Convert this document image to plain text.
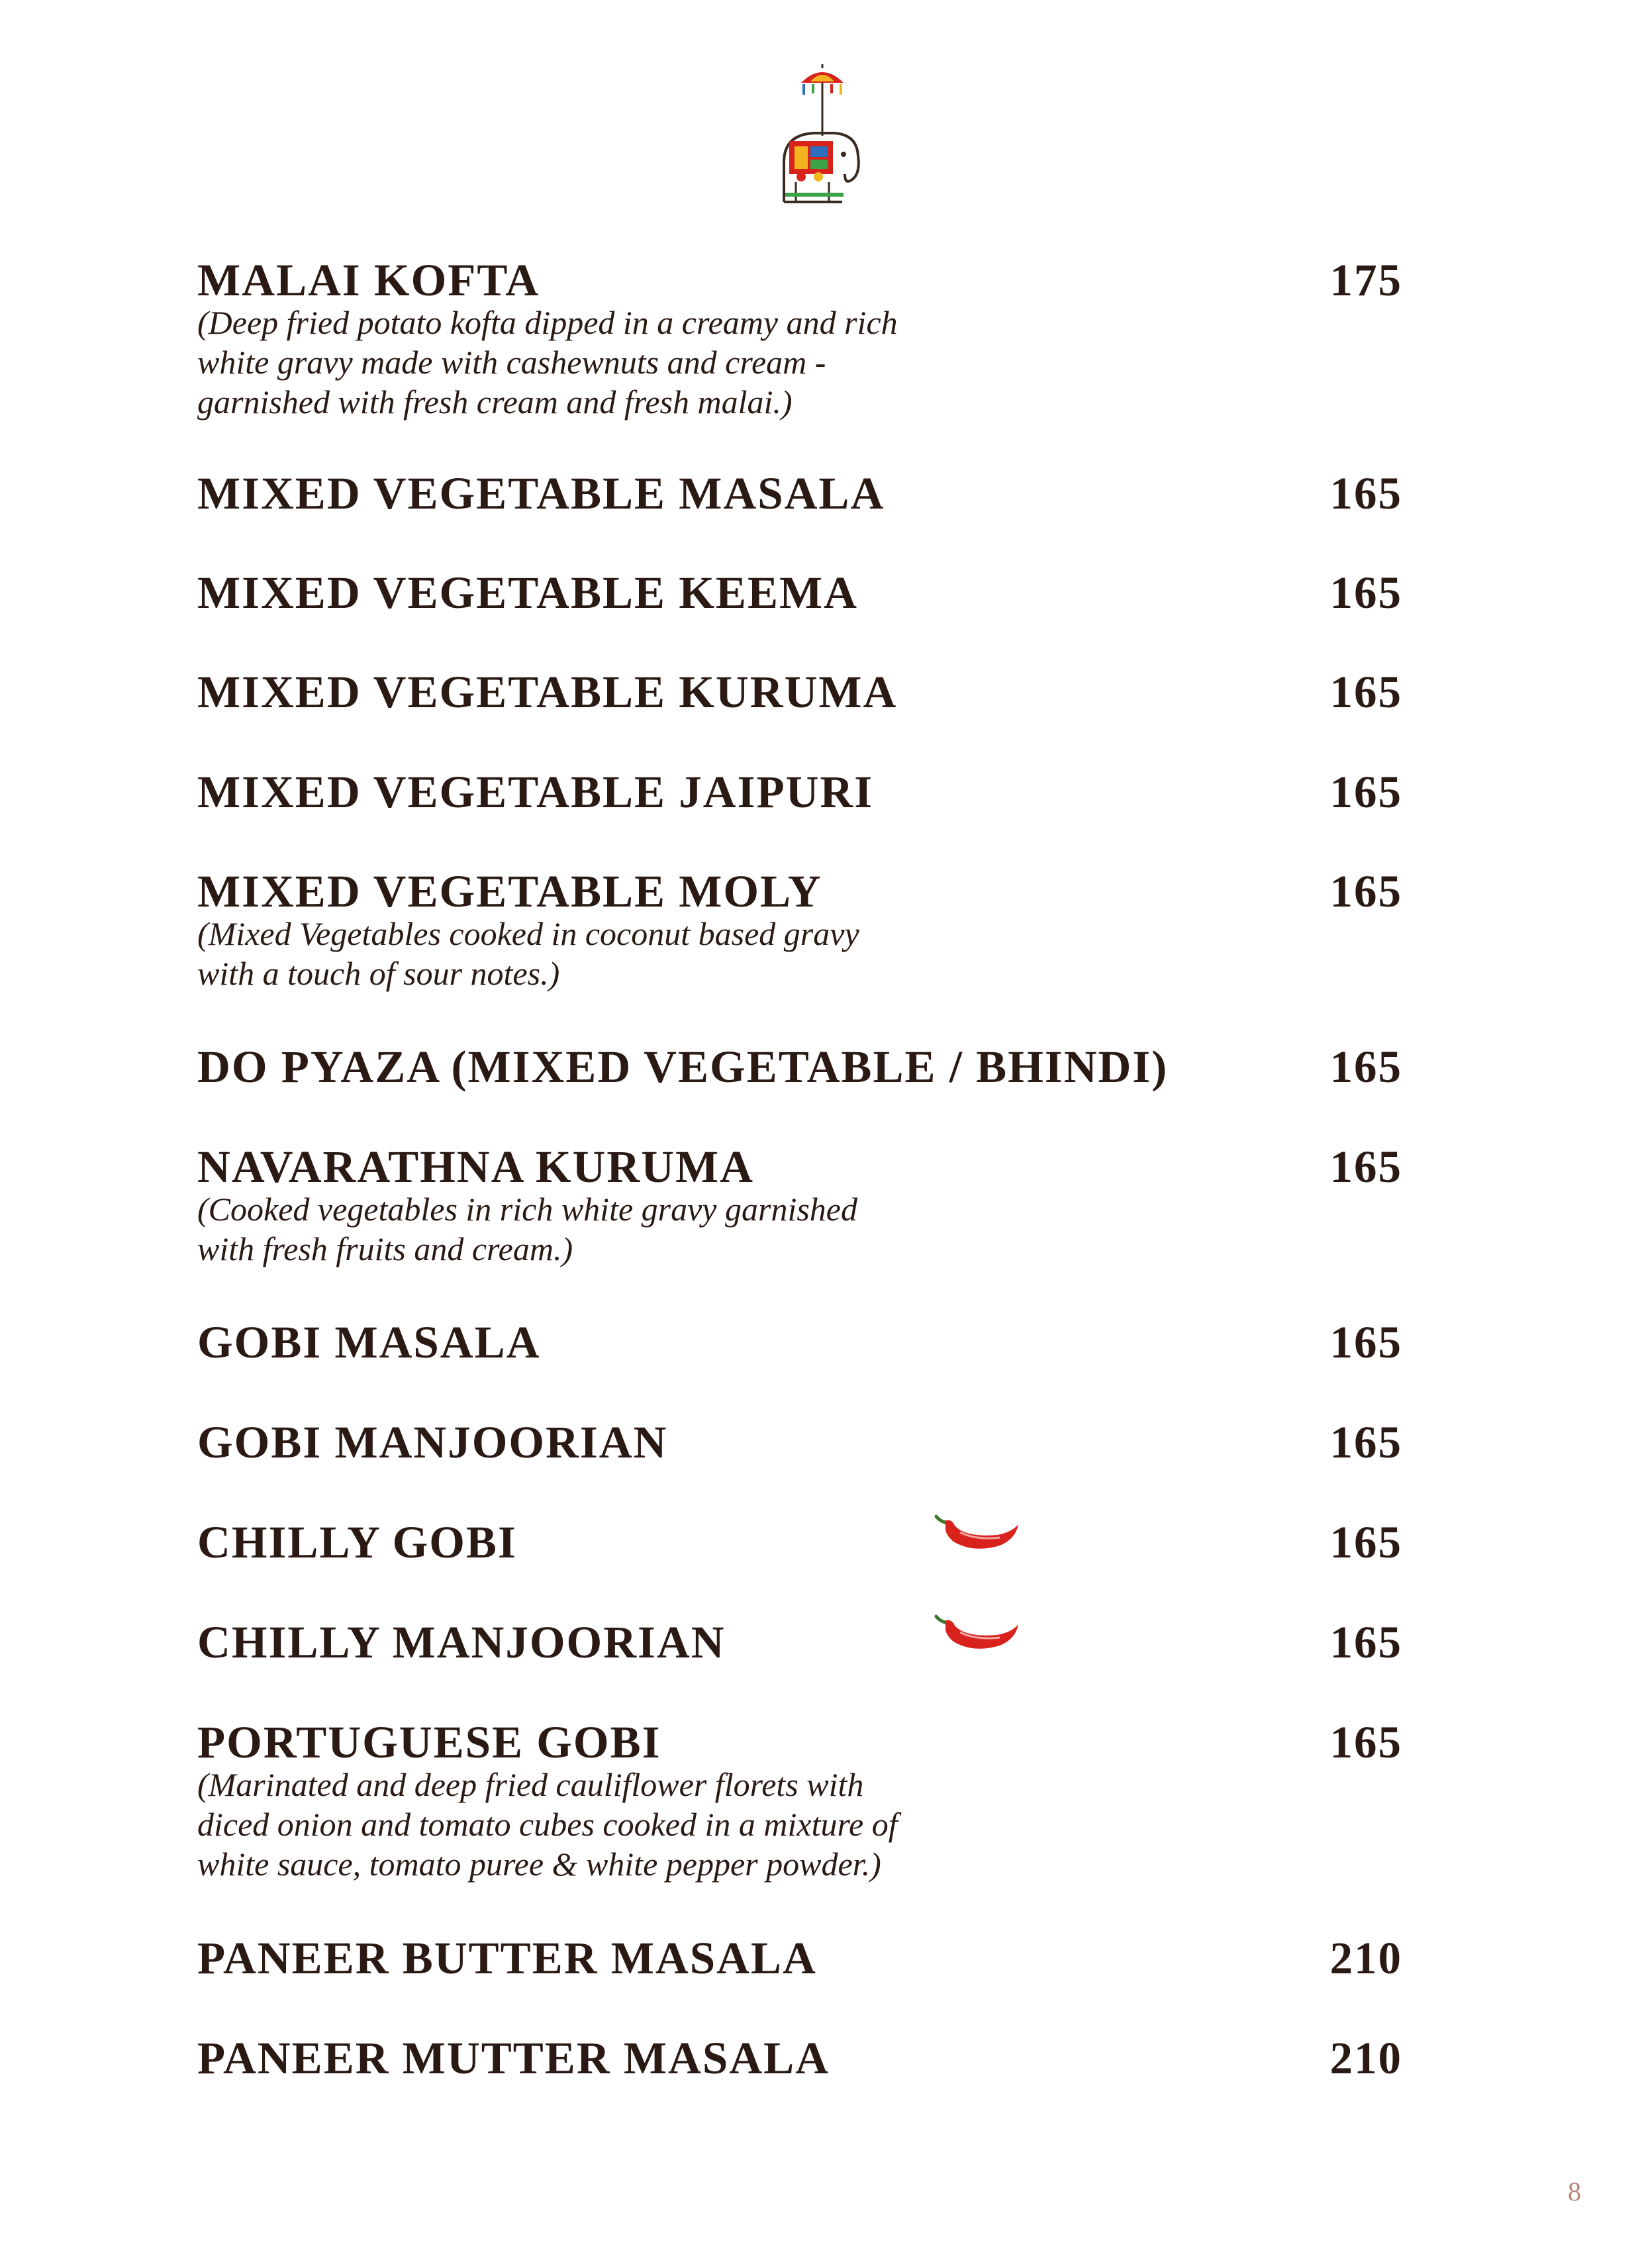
MALAI KOFTA	175
(Deep fried potato kofta dipped in a creamy and rich
white gravy made with cashewnuts and cream -
garnished with fresh cream and fresh malai.)
MIXED VEGETABLE MASALA	165
MIXED VEGETABLE KEEMA	165
MIXED VEGETABLE KURUMA	165
MIXED VEGETABLE JAIPURI	165
MIXED VEGETABLE MOLY	165
(Mixed Vegetables cooked in coconut based gravy
with a touch of sour notes.)
DO PYAZA (MIXED VEGETABLE / BHINDI)	165
NAVARATHNA KURUMA	165
(Cooked vegetables in rich white gravy garnished
with fresh fruits and cream.)
GOBI MASALA	165
GOBI MANJOORIAN	165
CHILLY GOBI	165
CHILLY MANJOORIAN	165
PORTUGUESE GOBI	165
(Marinated and deep fried cauliflower florets with
diced onion and tomato cubes cooked in a mixture of
white sauce, tomato puree & white pepper powder.)
PANEER BUTTER MASALA	210
PANEER MUTTER MASALA	210
8
